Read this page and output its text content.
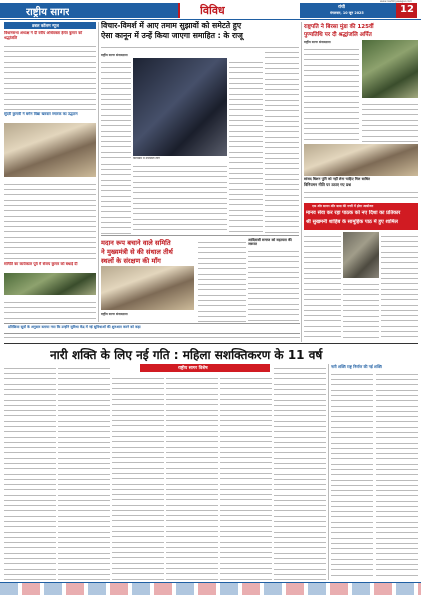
राष्ट्रीय सागर	विविध	रांची
मंगलवार, 10 जून 2025	12
www.rashtriyasagar.com
डबल कॉलम न्यूज
विधानसभा अध्यक्ष ने दी वरीय अधिवक्ता हेमंत कुमार को श्रद्धांजलि
सुंदरी कुमारी ने बर्मन विद्या खरवार स्मारक का उद्घाटन
समिति का कार्यकाल पूर्व में संजय कुमार को बधाई दी
विचार-विमर्श में आए तमाम सुझावों को समेटते हुए
ऐसा कानून में उन्हें किया जाएगा समाहित : के राजू
राष्ट्रीय सागर संवाददाता
कार्यक्रम में उपस्थित लोग
मदान रूप बचाने वाले समिति
ने मुख्यमंत्री से की संथाल तीर्थ
स्थलों के संरक्षण की माँग
राष्ट्रीय सागर संवाददाता
आदिवासी समाज को सहायता की जरूरत
प्रतिक्रिया सूत्रों के अनुसार बताया गया कि उन्होंने सुविधा केंद्र में नई सुविधाओं की शुरुआत करने को कहा
राष्ट्रपति ने बिरसा मुंडा की 125वीं
पुण्यतिथि पर दी श्रद्धांजलि अर्पित
राष्ट्रीय सागर संवाददाता
सांसद बिशन पूर्ति को नहीं लेना चाहिए मिल साबित
विनियमन नीति पर उठाए गए प्रश्न
एक ओर सावन और बाबा की नगरी में होगा आयोजन
मानव सेवा कर रहा पाठक को नए दिशा का प्रतिकार
श्री सुखमनी शाहिब के सामूहिक पाठ में हुए शामिल
नारी शक्ति के लिए नई गति : महिला सशक्तिकरण के 11 वर्ष
राष्ट्रीय सागर विशेष	नारी शक्ति राष्ट्र निर्माण की नई शक्ति
